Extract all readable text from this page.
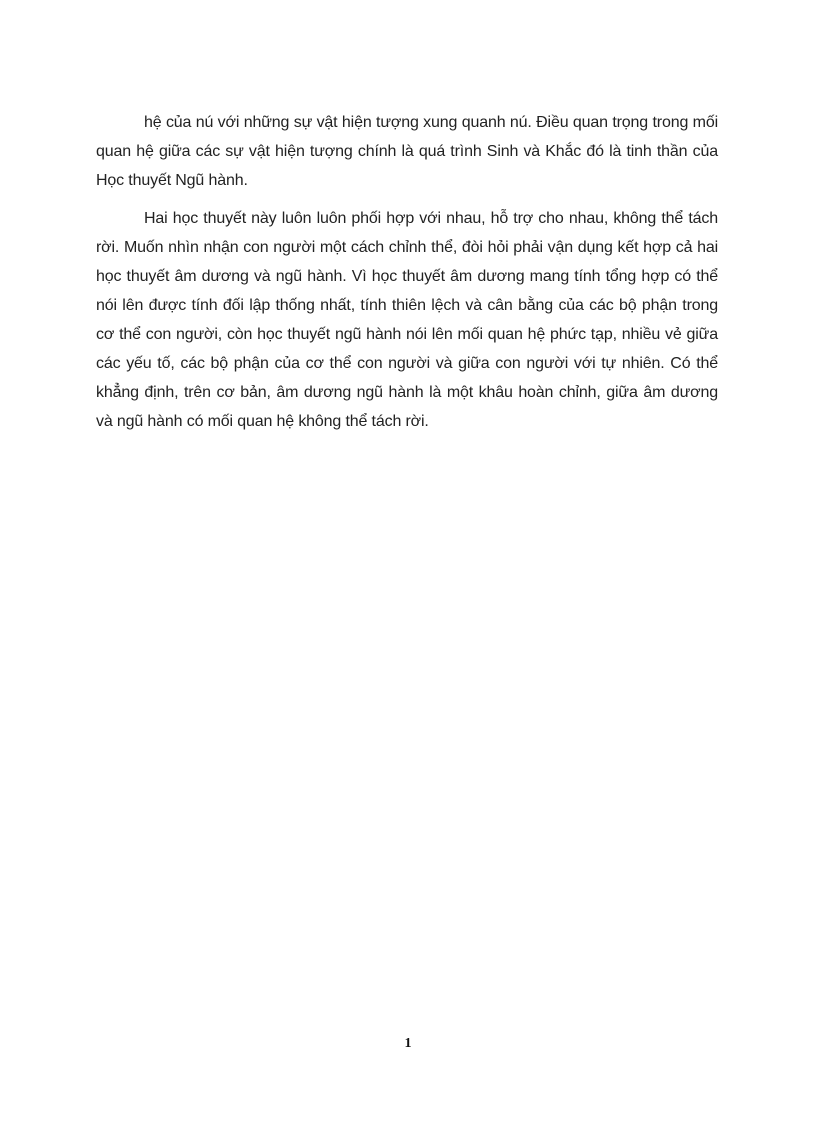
hệ của nú với những sự vật hiện tượng xung quanh nú. Điều quan trọng trong mối quan hệ giữa các sự vật hiện tượng chính là quá trình Sinh và Khắc đó là tinh thần của Học thuyết Ngũ hành.

Hai học thuyết này luôn luôn phối hợp với nhau, hỗ trợ cho nhau, không thể tách rời. Muốn nhìn nhận con người một cách chỉnh thể, đòi hỏi phải vận dụng kết hợp cả hai học thuyết âm dương và ngũ hành. Vì học thuyết âm dương mang tính tổng hợp có thể nói lên được tính đối lập thống nhất, tính thiên lệch và cân bằng của các bộ phận trong cơ thể con người, còn học thuyết ngũ hành nói lên mối quan hệ phức tạp, nhiều vẻ giữa các yếu tố, các bộ phận của cơ thể con người và giữa con người với tự nhiên. Có thể khẳng định, trên cơ bản, âm dương ngũ hành là một khâu hoàn chỉnh, giữa âm dương và ngũ hành có mối quan hệ không thể tách rời.

1
